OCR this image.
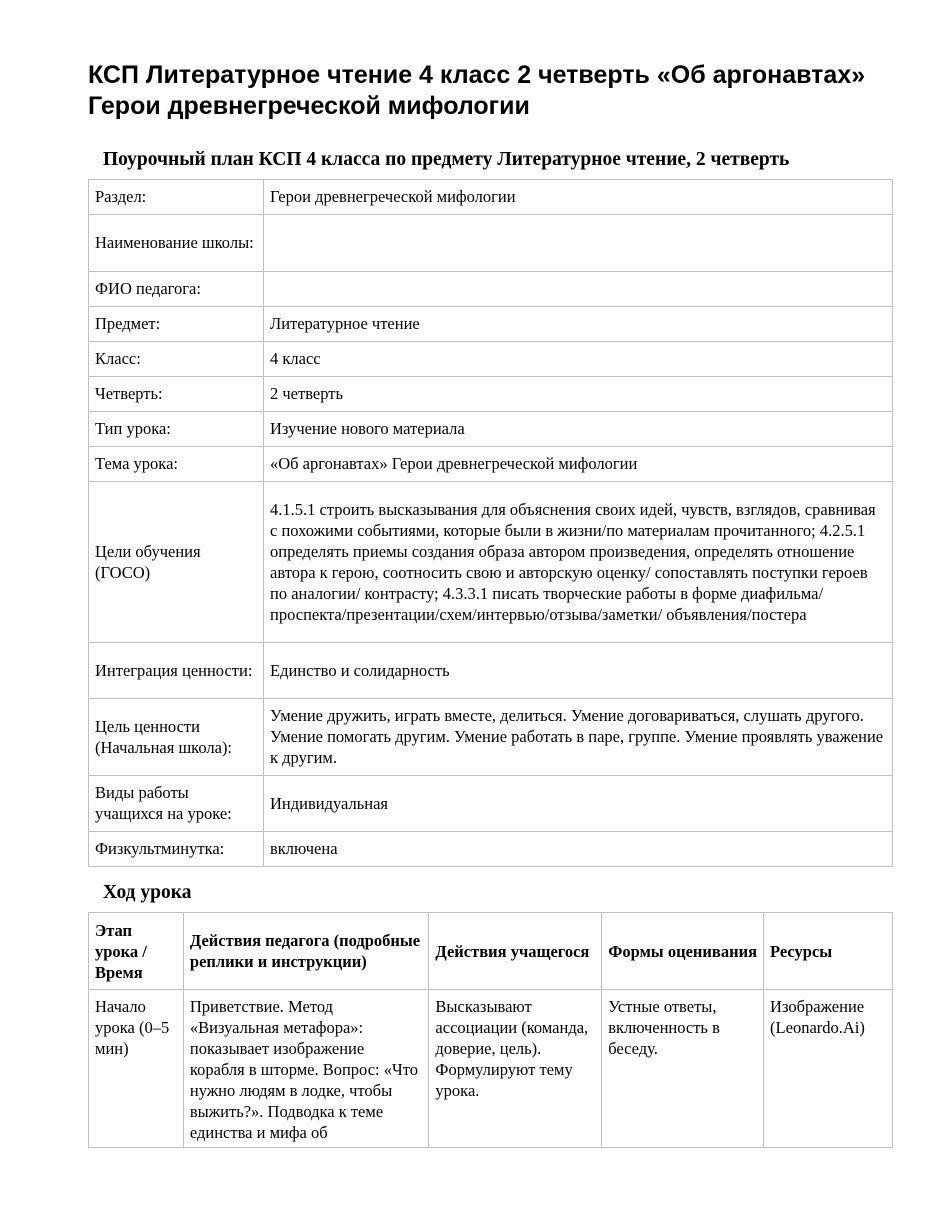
КСП Литературное чтение 4 класс 2 четверть «Об аргонавтах» Герои древнегреческой мифологии

Поурочный план КСП 4 класса по предмету Литературное чтение, 2 четверть

Раздел:	Герои древнегреческой мифологии
Наименование школы:	
ФИО педагога:	
Предмет:	Литературное чтение
Класс:	4 класс
Четверть:	2 четверть
Тип урока:	Изучение нового материала
Тема урока:	«Об аргонавтах» Герои древнегреческой мифологии
Цели обучения (ГОСО)	4.1.5.1 строить высказывания для объяснения своих идей, чувств, взглядов, сравнивая с похожими событиями, которые были в жизни/по материалам прочитанного; 4.2.5.1 определять приемы создания образа автором произведения, определять отношение автора к герою, соотносить свою и авторскую оценку/ сопоставлять поступки героев по аналогии/ контрасту; 4.3.3.1 писать творческие работы в форме диафильма/ проспекта/презентации/схем/интервью/отзыва/заметки/ объявления/постера
Интеграция ценности:	Единство и солидарность
Цель ценности (Начальная школа):	Умение дружить, играть вместе, делиться. Умение договариваться, слушать другого. Умение помогать другим. Умение работать в паре, группе. Умение проявлять уважение к другим.
Виды работы учащихся на уроке:	Индивидуальная
Физкультминутка:	включена

Ход урока

Этап урока / Время	Действия педагога (подробные реплики и инструкции)	Действия учащегося	Формы оценивания	Ресурсы
Начало урока (0–5 мин)	Приветствие. Метод «Визуальная метафора»: показывает изображение корабля в шторме. Вопрос: «Что нужно людям в лодке, чтобы выжить?». Подводка к теме единства и мифа об	Высказывают ассоциации (команда, доверие, цель). Формулируют тему урока.	Устные ответы, включенность в беседу.	Изображение (Leonardo.Ai)
